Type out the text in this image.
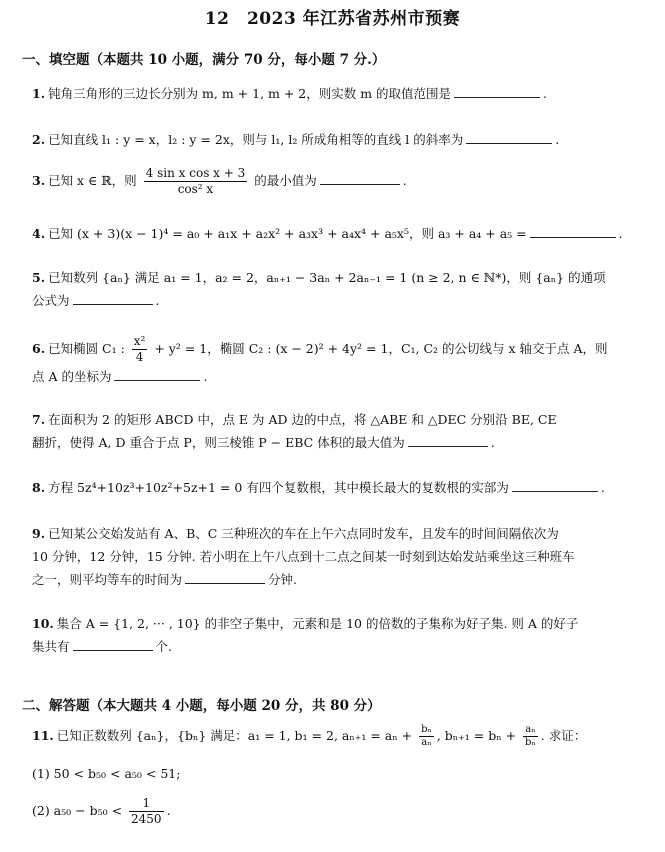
12　2023 年江苏省苏州市预赛
一、填空题（本题共 10 小题，满分 70 分，每小题 7 分.）
1. 钝角三角形的三边长分别为 m, m + 1, m + 2，则实数 m 的取值范围是	.
2. 已知直线 l₁ : y = x，l₂ : y = 2x，则与 l₁, l₂ 所成角相等的直线 l 的斜率为	.
3. 已知 x ∈ ℝ，则 $\frac{\text{4 sin x cos x + 3}}{\text{cos² x}}$ 的最小值为	.
4. 已知 (x + 3)(x − 1)⁴ = a₀ + a₁x + a₂x² + a₃x³ + a₄x⁴ + a₅x⁵，则 a₃ + a₄ + a₅ =	.
5. 已知数列 {aₙ} 满足 a₁ = 1，a₂ = 2，aₙ₊₁ − 3aₙ + 2aₙ₋₁ = 1 (n ≥ 2, n ∈ ℕ*)，则 {aₙ} 的通项
公式为	.
6. 已知椭圆 C₁ : $\frac{\text{x²}}{4} + y^2 = 1$，椭圆 C₂ : (x − 2)² + 4y² = 1，C₁, C₂ 的公切线与 x 轴交于点 A，则
点 A 的坐标为	.
7. 在面积为 2 的矩形 ABCD 中，点 E 为 AD 边的中点，将 △ABE 和 △DEC 分别沿 BE, CE
翻折，使得 A, D 重合于点 P，则三棱锥 P − EBC 体积的最大值为	.
8. 方程 5z⁴+10z³+10z²+5z+1 = 0 有四个复数根，其中模长最大的复数根的实部为	.
9. 已知某公交始发站有 A、B、C 三种班次的车在上午六点同时发车，且发车的时间间隔依次为
10 分钟，12 分钟，15 分钟. 若小明在上午八点到十二点之间某一时刻到达始发站乘坐这三种班车
之一，则平均等车的时间为	分钟.
10. 集合 A = {1, 2, ··· , 10} 的非空子集中，元素和是 10 的倍数的子集称为好子集. 则 A 的好子
集共有	个.
二、解答题（本大题共 4 小题，每小题 20 分，共 80 分）
11. 已知正数数列 {aₙ}，{bₙ} 满足：a₁ = 1, b₁ = 2, $a_{n+1} = a_n + \frac{\text{bₙ}}{\text{aₙ}}$ , $b_{n+1} = b_n + \frac{\text{aₙ}}{\text{bₙ}}$ . 求证：
(1) 50 < b₅₀ < a₅₀ < 51;
(2) $a_{50} - b_{50} < \frac{1}{2450}$ .
